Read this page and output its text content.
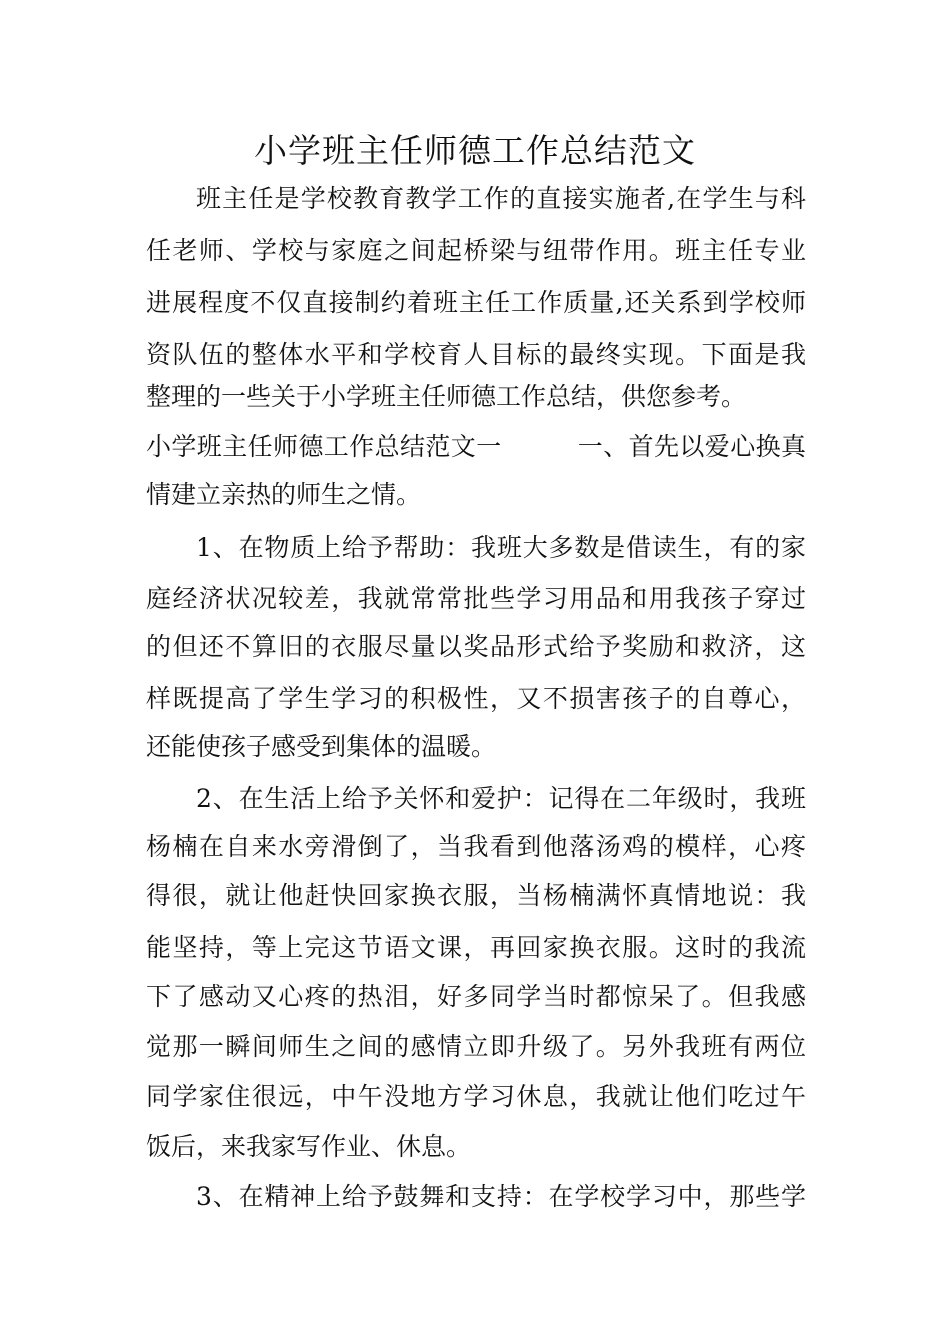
小学班主任师德工作总结范文
班主任是学校教育教学工作的直接实施者,在学生与科
任老师、学校与家庭之间起桥梁与纽带作用。班主任专业
进展程度不仅直接制约着班主任工作质量,还关系到学校师
资队伍的整体水平和学校育人目标的最终实现。下面是我
整理的一些关于小学班主任师德工作总结，供您参考。
小学班主任师德工作总结范文一　　　一、首先以爱心换真
情建立亲热的师生之情。
1、在物质上给予帮助：我班大多数是借读生，有的家
庭经济状况较差，我就常常批些学习用品和用我孩子穿过
的但还不算旧的衣服尽量以奖品形式给予奖励和救济，这
样既提高了学生学习的积极性，又不损害孩子的自尊心，
还能使孩子感受到集体的温暖。
2、在生活上给予关怀和爱护：记得在二年级时，我班
杨楠在自来水旁滑倒了，当我看到他落汤鸡的模样，心疼
得很，就让他赶快回家换衣服，当杨楠满怀真情地说：我
能坚持，等上完这节语文课，再回家换衣服。这时的我流
下了感动又心疼的热泪，好多同学当时都惊呆了。但我感
觉那一瞬间师生之间的感情立即升级了。另外我班有两位
同学家住很远，中午没地方学习休息，我就让他们吃过午
饭后，来我家写作业、休息。
3、在精神上给予鼓舞和支持：在学校学习中，那些学
